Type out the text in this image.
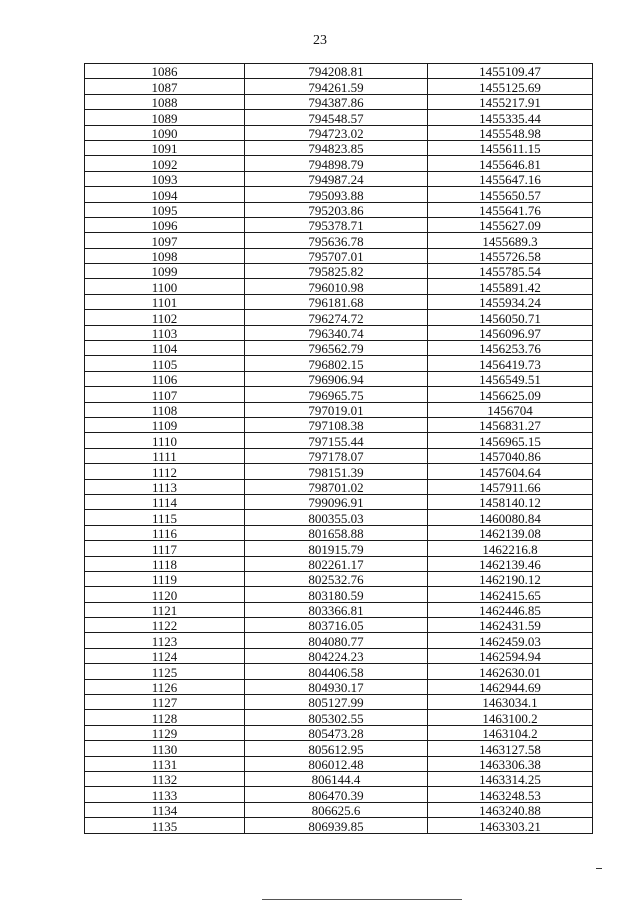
23
1086	794208.81	1455109.47
1087	794261.59	1455125.69
1088	794387.86	1455217.91
1089	794548.57	1455335.44
1090	794723.02	1455548.98
1091	794823.85	1455611.15
1092	794898.79	1455646.81
1093	794987.24	1455647.16
1094	795093.88	1455650.57
1095	795203.86	1455641.76
1096	795378.71	1455627.09
1097	795636.78	1455689.3
1098	795707.01	1455726.58
1099	795825.82	1455785.54
1100	796010.98	1455891.42
1101	796181.68	1455934.24
1102	796274.72	1456050.71
1103	796340.74	1456096.97
1104	796562.79	1456253.76
1105	796802.15	1456419.73
1106	796906.94	1456549.51
1107	796965.75	1456625.09
1108	797019.01	1456704
1109	797108.38	1456831.27
1110	797155.44	1456965.15
1111	797178.07	1457040.86
1112	798151.39	1457604.64
1113	798701.02	1457911.66
1114	799096.91	1458140.12
1115	800355.03	1460080.84
1116	801658.88	1462139.08
1117	801915.79	1462216.8
1118	802261.17	1462139.46
1119	802532.76	1462190.12
1120	803180.59	1462415.65
1121	803366.81	1462446.85
1122	803716.05	1462431.59
1123	804080.77	1462459.03
1124	804224.23	1462594.94
1125	804406.58	1462630.01
1126	804930.17	1462944.69
1127	805127.99	1463034.1
1128	805302.55	1463100.2
1129	805473.28	1463104.2
1130	805612.95	1463127.58
1131	806012.48	1463306.38
1132	806144.4	1463314.25
1133	806470.39	1463248.53
1134	806625.6	1463240.88
1135	806939.85	1463303.21
